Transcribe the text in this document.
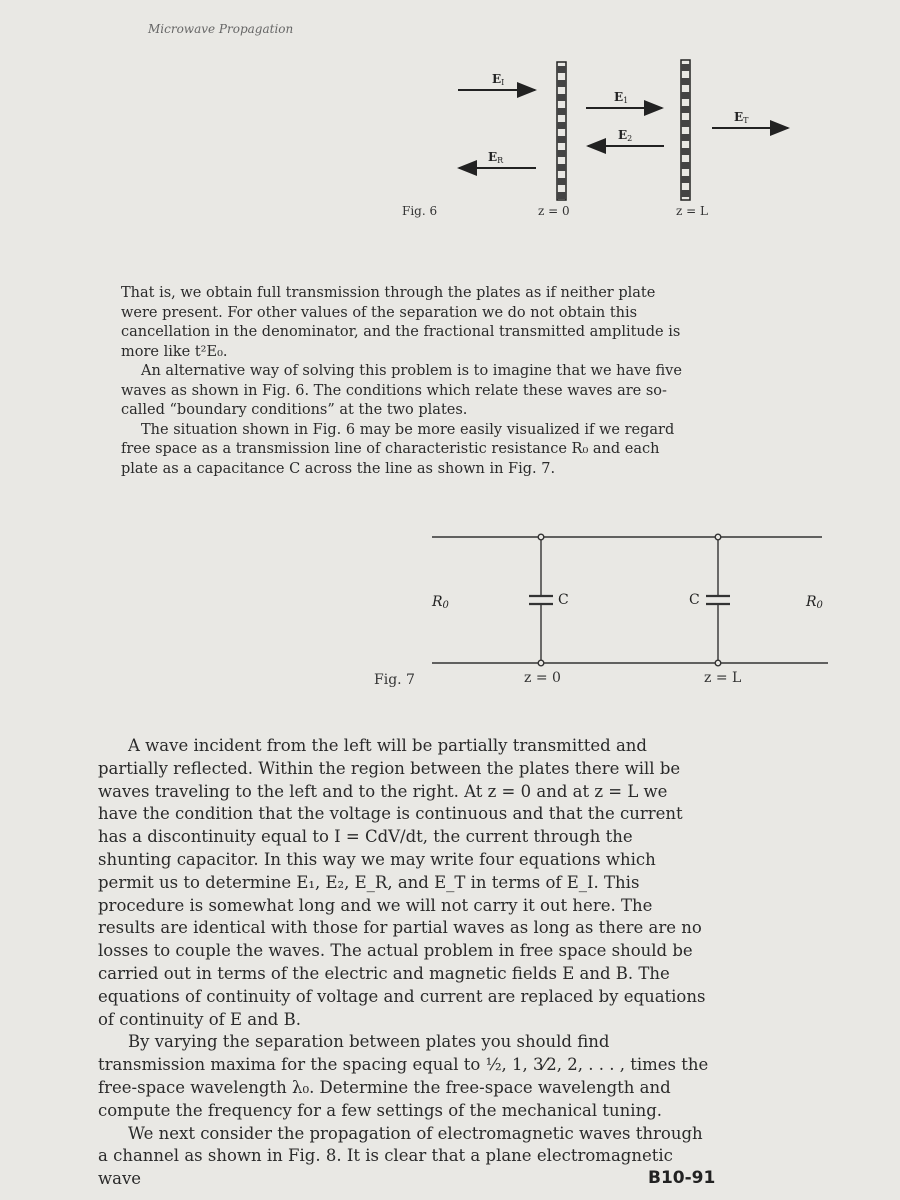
Microwave Propagation
$E_I$
$E_R$
$E_1$
$E_2$
$E_T$
z = 0	z = L
Fig. 6

That is, we obtain full transmission through the plates as if neither plate were present. For other values of the separation we do not obtain this cancellation in the denominator, and the fractional transmitted amplitude is more like t²E₀.

An alternative way of solving this problem is to imagine that we have five waves as shown in Fig. 6. The conditions which relate these waves are so-called “boundary conditions” at the two plates.

The situation shown in Fig. 6 may be more easily visualized if we regard free space as a transmission line of characteristic resistance R₀ and each plate as a capacitance C across the line as shown in Fig. 7.

$R_0$	C	C	$R_0$
Fig. 7	z = 0	z = L

A wave incident from the left will be partially transmitted and partially reflected. Within the region between the plates there will be waves traveling to the left and to the right. At z = 0 and at z = L we have the condition that the voltage is continuous and that the current has a discontinuity equal to I = CdV/dt, the current through the shunting capacitor. In this way we may write four equations which permit us to determine E₁, E₂, E_R, and E_T in terms of E_I. This procedure is somewhat long and we will not carry it out here. The results are identical with those for partial waves as long as there are no losses to couple the waves. The actual problem in free space should be carried out in terms of the electric and magnetic fields E and B. The equations of continuity of voltage and current are replaced by equations of continuity of E and B.

By varying the separation between plates you should find transmission maxima for the spacing equal to ½, 1, 3⁄2, 2, . . . , times the free-space wavelength λ₀. Determine the free-space wavelength and compute the frequency for a few settings of the mechanical tuning.

We next consider the propagation of electromagnetic waves through a channel as shown in Fig. 8. It is clear that a plane electromagnetic wave	B10-91
